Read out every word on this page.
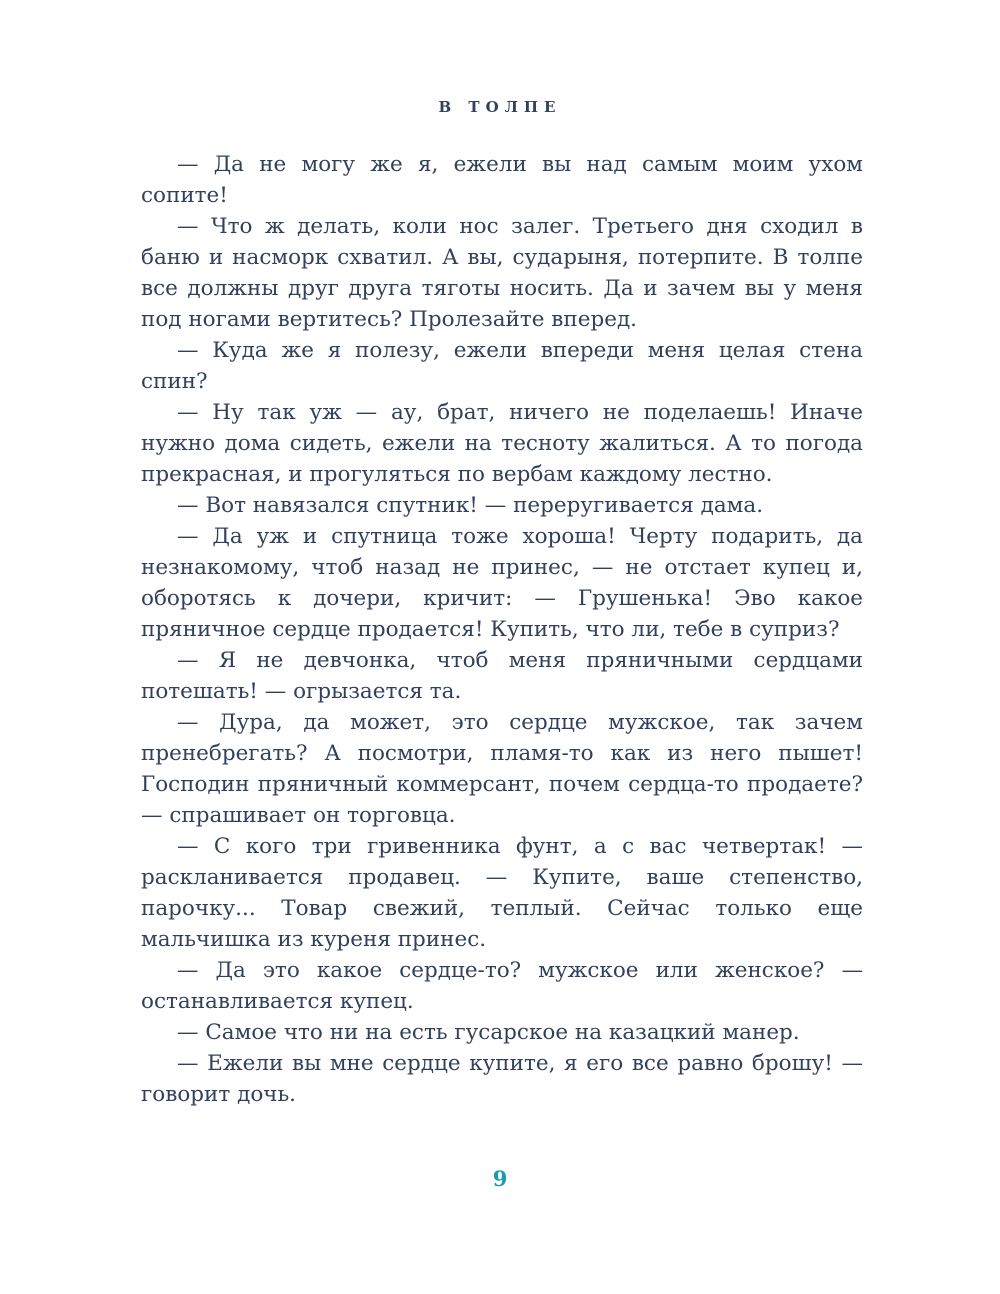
В ТОЛПЕ

— Да не могу же я, ежели вы над самым моим ухом сопите!

— Что ж делать, коли нос залег. Третьего дня сходил в баню и насморк схватил. А вы, сударыня, потерпите. В толпе все должны друг друга тяготы носить. Да и зачем вы у меня под ногами вертитесь? Пролезайте вперед.

— Куда же я полезу, ежели впереди меня целая стена спин?

— Ну так уж — ау, брат, ничего не поделаешь! Иначе нужно дома сидеть, ежели на тесноту жалиться. А то погода прекрасная, и прогуляться по вербам каждому лестно.

— Вот навязался спутник! — переругивается дама.

— Да уж и спутница тоже хороша! Черту подарить, да незнакомому, чтоб назад не принес, — не отстает купец и, оборотясь к дочери, кричит: — Грушенька! Эво какое пряничное сердце продается! Купить, что ли, тебе в суприз?

— Я не девчонка, чтоб меня пряничными сердцами потешать! — огрызается та.

— Дура, да может, это сердце мужское, так зачем пренебрегать? А посмотри, пламя-то как из него пышет! Господин пряничный коммерсант, почем сердца-то продаете? — спрашивает он торговца.

— С кого три гривенника фунт, а с вас четвертак! — раскланивается продавец. — Купите, ваше степенство, парочку... Товар свежий, теплый. Сейчас только еще мальчишка из куреня принес.

— Да это какое сердце-то? мужское или женское? — останавливается купец.

— Самое что ни на есть гусарское на казацкий манер.

— Ежели вы мне сердце купите, я его все равно брошу! — говорит дочь.

9
